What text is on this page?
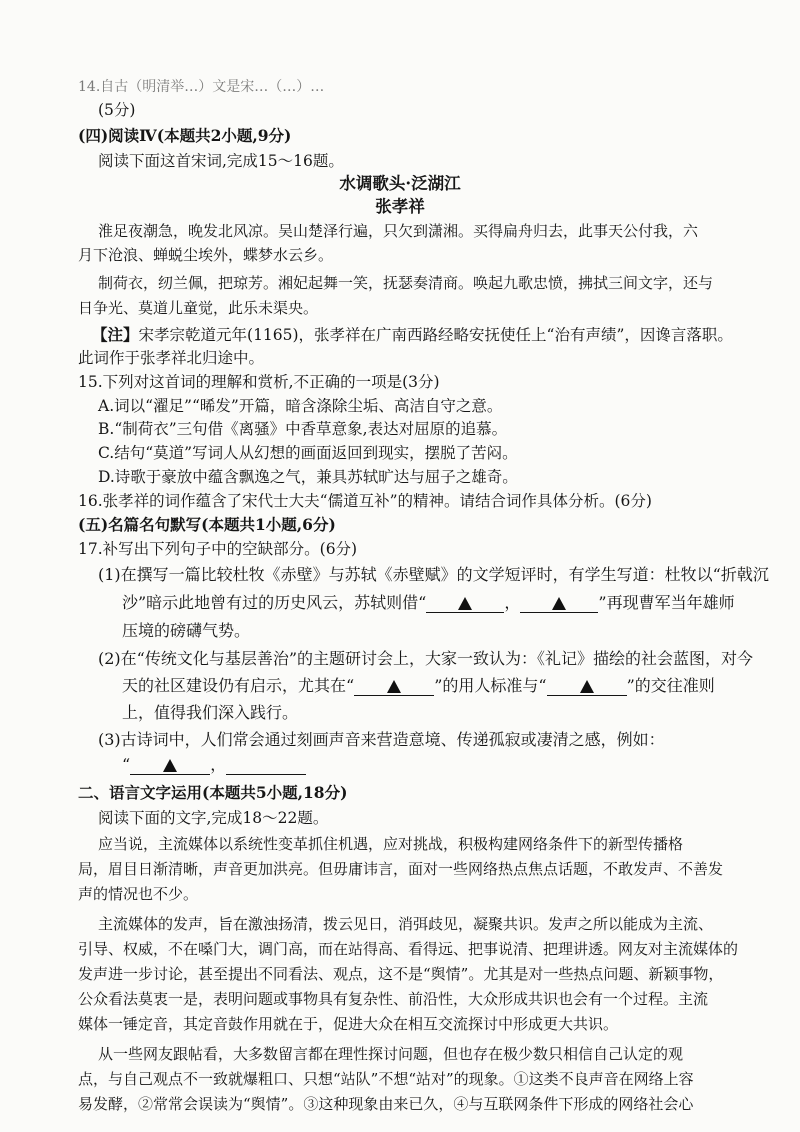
14.自古（明清举…）文是宋…（…）…
(5分)
(四)阅读Ⅳ(本题共2小题,9分)
阅读下面这首宋词,完成15～16题。
水调歌头·泛湖江
张孝祥
淮足夜潮急，晚发北风凉。吴山楚泽行遍，只欠到潇湘。买得扁舟归去，此事天公付我，六
月下沧浪、蝉蜕尘埃外，蝶梦水云乡。
制荷衣，纫兰佩，把琼芳。湘妃起舞一笑，抚瑟奏清商。唤起九歌忠愤，拂拭三间文字，还与
日争光、莫道儿童觉，此乐未渠央。
【注】宋孝宗乾道元年(1165)，张孝祥在广南西路经略安抚使任上“治有声绩”，因谗言落职。
此词作于张孝祥北归途中。
15.下列对这首词的理解和赏析,不正确的一项是(3分)
A.词以“濯足”“晞发”开篇，暗含涤除尘垢、高洁自守之意。
B.“制荷衣”三句借《离骚》中香草意象,表达对屈原的追慕。
C.结句“莫道”写词人从幻想的画面返回到现实，摆脱了苦闷。
D.诗歌于豪放中蕴含飘逸之气，兼具苏轼旷达与屈子之雄奇。
16.张孝祥的词作蕴含了宋代士大夫“儒道互补”的精神。请结合词作具体分析。(6分)
(五)名篇名句默写(本题共1小题,6分)
17.补写出下列句子中的空缺部分。(6分)
(1)在撰写一篇比较杜牧《赤壁》与苏轼《赤壁赋》的文学短评时，有学生写道：杜牧以“折戟沉
沙”暗示此地曾有过的历史风云，苏轼则借“	，	”再现曹军当年雄师
压境的磅礴气势。
(2)在“传统文化与基层善治”的主题研讨会上，大家一致认为：《礼记》描绘的社会蓝图，对今
天的社区建设仍有启示，尤其在“	”的用人标准与“	”的交往准则
上，值得我们深入践行。
(3)古诗词中，人们常会通过刻画声音来营造意境、传递孤寂或凄清之感，例如：
“	，
二、语言文字运用(本题共5小题,18分)
阅读下面的文字,完成18～22题。
应当说，主流媒体以系统性变革抓住机遇，应对挑战，积极构建网络条件下的新型传播格
局，眉目日渐清晰，声音更加洪亮。但毋庸讳言，面对一些网络热点焦点话题，不敢发声、不善发
声的情况也不少。
主流媒体的发声，旨在激浊扬清，拨云见日，消弭歧见，凝聚共识。发声之所以能成为主流、
引导、权威，不在嗓门大，调门高，而在站得高、看得远、把事说清、把理讲透。网友对主流媒体的
发声进一步讨论，甚至提出不同看法、观点，这不是“舆情”。尤其是对一些热点问题、新颖事物，
公众看法莫衷一是，表明问题或事物具有复杂性、前沿性，大众形成共识也会有一个过程。主流
媒体一锤定音，其定音鼓作用就在于，促进大众在相互交流探讨中形成更大共识。
从一些网友跟帖看，大多数留言都在理性探讨问题，但也存在极少数只相信自己认定的观
点，与自己观点不一致就爆粗口、只想“站队”不想“站对”的现象。①这类不良声音在网络上容
易发酵，②常常会误读为“舆情”。③这种现象由来已久，④与互联网条件下形成的网络社会心
